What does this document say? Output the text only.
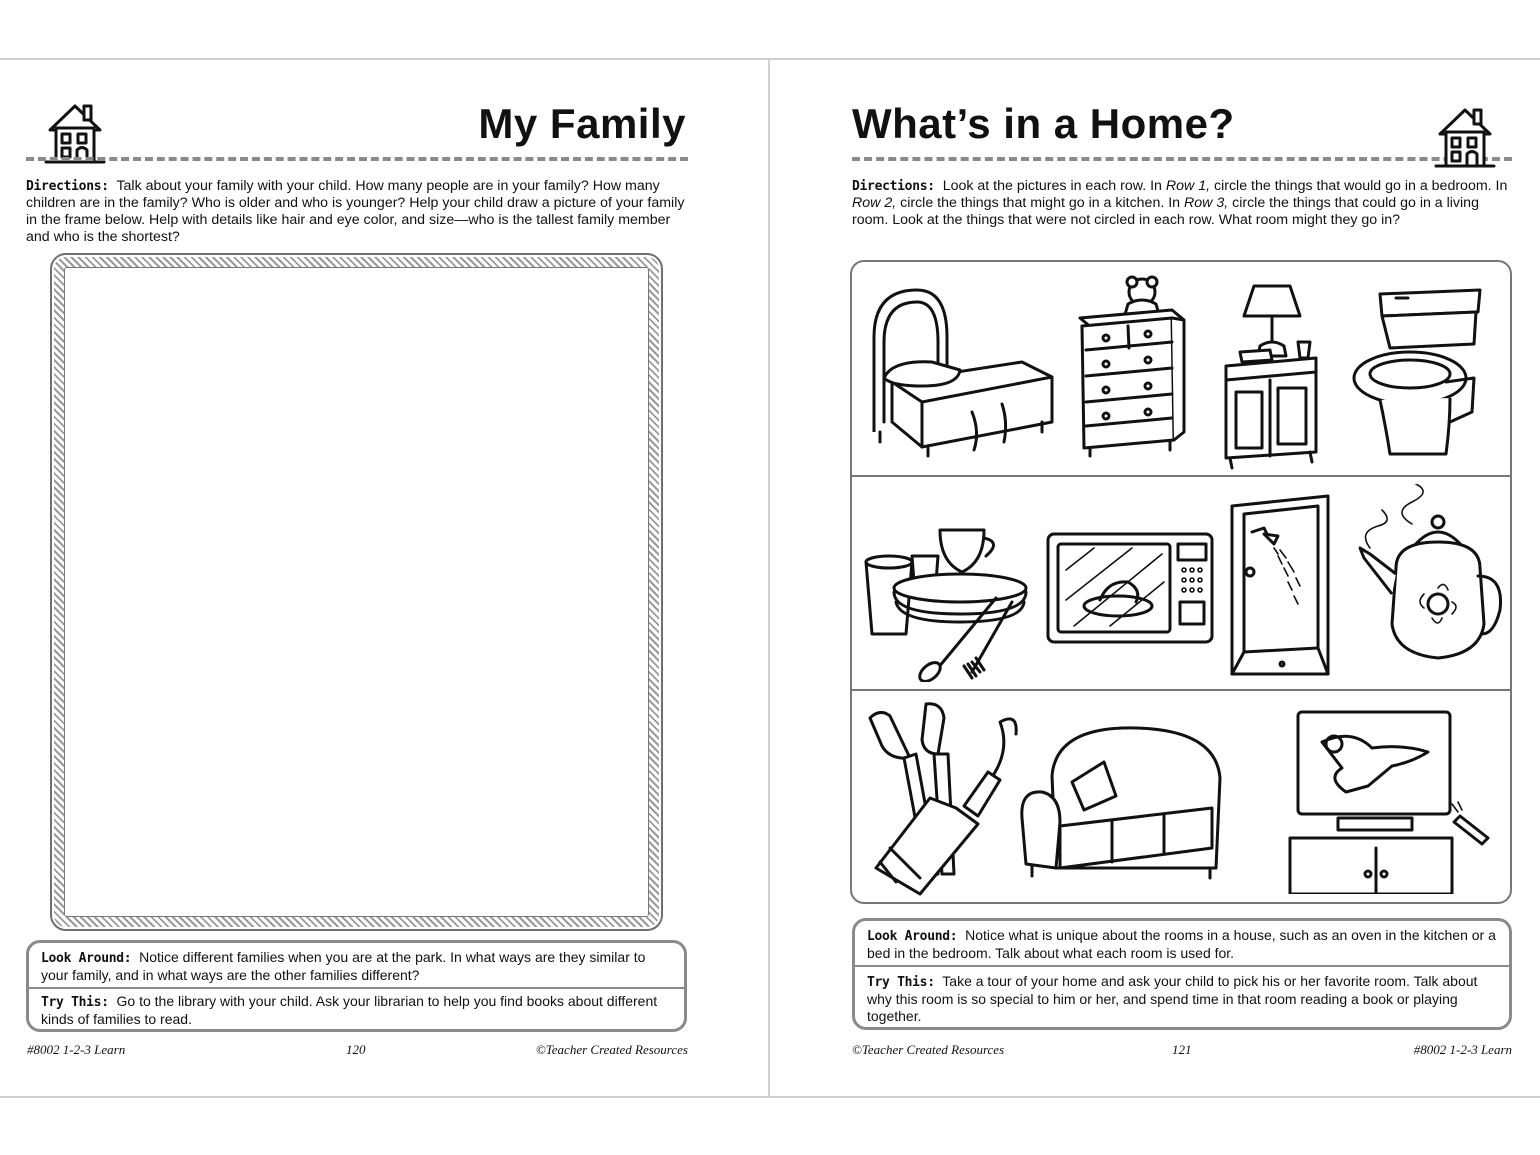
My Family

Directions: Talk about your family with your child. How many people are in your family? How many children are in the family? Who is older and who is younger? Help your child draw a picture of your family in the frame below. Help with details like hair and eye color, and size—who is the tallest family member and who is the shortest?

Look Around: Notice different families when you are at the park. In what ways are they similar to your family, and in what ways are the other families different?
Try This: Go to the library with your child. Ask your librarian to help you find books about different kinds of families to read.
#8002 1-2-3 Learn	120	©Teacher Created Resources
What’s in a Home?

Directions: Look at the pictures in each row. In Row 1, circle the things that would go in a bedroom. In Row 2, circle the things that might go in a kitchen. In Row 3, circle the things that could go in a living room. Look at the things that were not circled in each row. What room might they go in?

Look Around: Notice what is unique about the rooms in a house, such as an oven in the kitchen or a bed in the bedroom. Talk about what each room is used for.
Try This: Take a tour of your home and ask your child to pick his or her favorite room. Talk about why this room is so special to him or her, and spend time in that room reading a book or playing together.
©Teacher Created Resources	121	#8002 1-2-3 Learn
